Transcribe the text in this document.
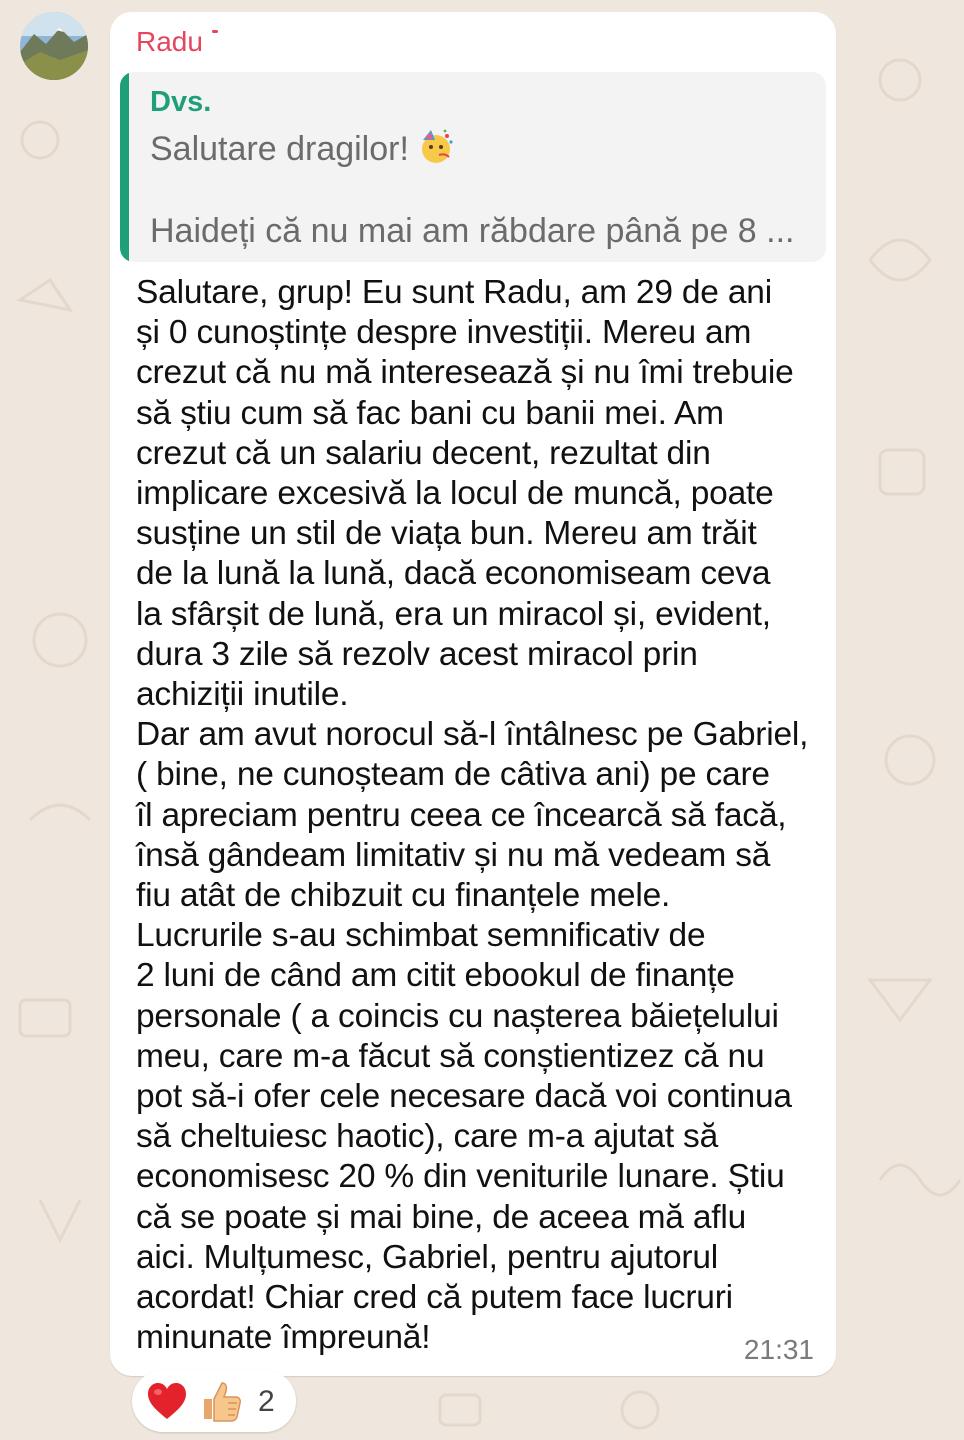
Radu
Dvs.
Salutare dragilor!
Haideți că nu mai am răbdare până pe 8 ...
Salutare, grup! Eu sunt Radu, am 29 de ani
și 0 cunoștințe despre investiții. Mereu am
crezut că nu mă interesează și nu îmi trebuie
să știu cum să fac bani cu banii mei. Am
crezut că un salariu decent, rezultat din
implicare excesivă la locul de muncă, poate
susține un stil de viața bun. Mereu am trăit
de la lună la lună, dacă economiseam ceva
la sfârșit de lună, era un miracol și, evident,
dura 3 zile să rezolv acest miracol prin
achiziții inutile.
Dar am avut norocul să-l întâlnesc pe Gabriel,
( bine, ne cunoșteam de câtiva ani) pe care
îl apreciam pentru ceea ce încearcă să facă,
însă gândeam limitativ și nu mă vedeam să
fiu atât de chibzuit cu finanțele mele.
Lucrurile s-au schimbat semnificativ de
2 luni de când am citit ebookul de finanțe
personale ( a coincis cu nașterea băiețelului
meu, care m-a făcut să conștientizez că nu
pot să-i ofer cele necesare dacă voi continua
să cheltuiesc haotic), care m-a ajutat să
economisesc 20 % din veniturile lunare. Știu
că se poate și mai bine, de aceea mă aflu
aici. Mulțumesc, Gabriel, pentru ajutorul
acordat! Chiar cred că putem face lucruri
minunate împreună!	21:31
2
